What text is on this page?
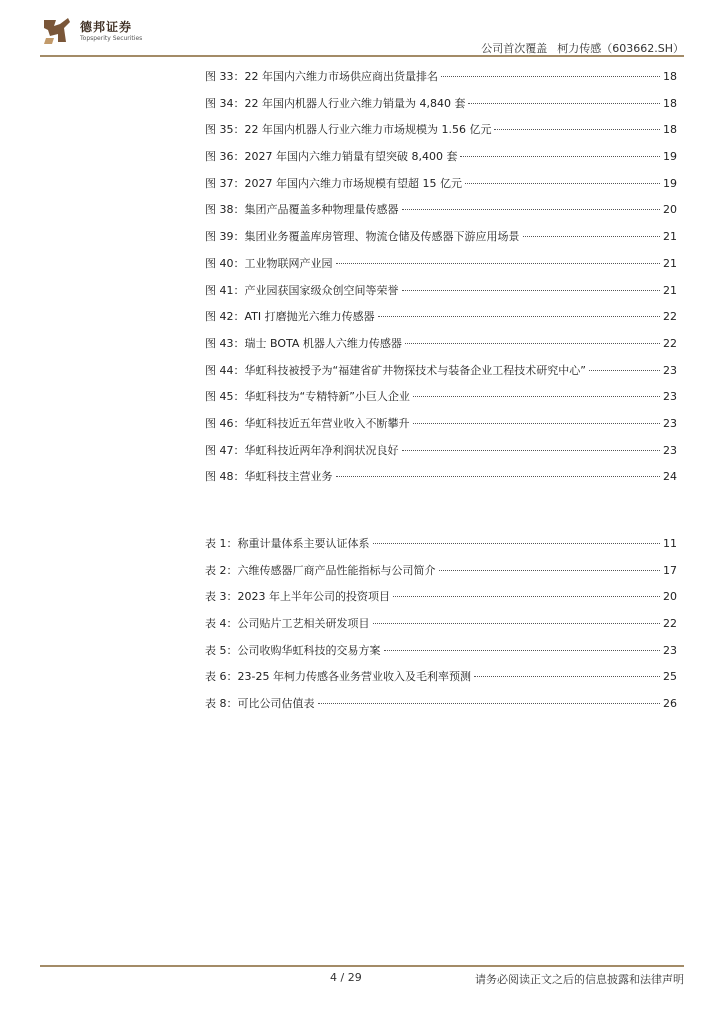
德邦证券
Topsperity Securities
公司首次覆盖 柯力传感（603662.SH）
图 33：22 年国内六维力市场供应商出货量排名	18
图 34：22 年国内机器人行业六维力销量为 4,840 套	18
图 35：22 年国内机器人行业六维力市场规模为 1.56 亿元	18
图 36：2027 年国内六维力销量有望突破 8,400 套	19
图 37：2027 年国内六维力市场规模有望超 15 亿元	19
图 38：集团产品覆盖多种物理量传感器	20
图 39：集团业务覆盖库房管理、物流仓储及传感器下游应用场景	21
图 40：工业物联网产业园	21
图 41：产业园获国家级众创空间等荣誉	21
图 42：ATI 打磨抛光六维力传感器	22
图 43：瑞士 BOTA 机器人六维力传感器	22
图 44：华虹科技被授予为“福建省矿井物探技术与装备企业工程技术研究中心”	23
图 45：华虹科技为“专精特新”小巨人企业	23
图 46：华虹科技近五年营业收入不断攀升	23
图 47：华虹科技近两年净利润状况良好	23
图 48：华虹科技主营业务	24
表 1：称重计量体系主要认证体系	11
表 2：六维传感器厂商产品性能指标与公司简介	17
表 3：2023 年上半年公司的投资项目	20
表 4：公司贴片工艺相关研发项目	22
表 5：公司收购华虹科技的交易方案	23
表 6：23-25 年柯力传感各业务营业收入及毛利率预测	25
表 8：可比公司估值表	26
4 / 29	请务必阅读正文之后的信息披露和法律声明
